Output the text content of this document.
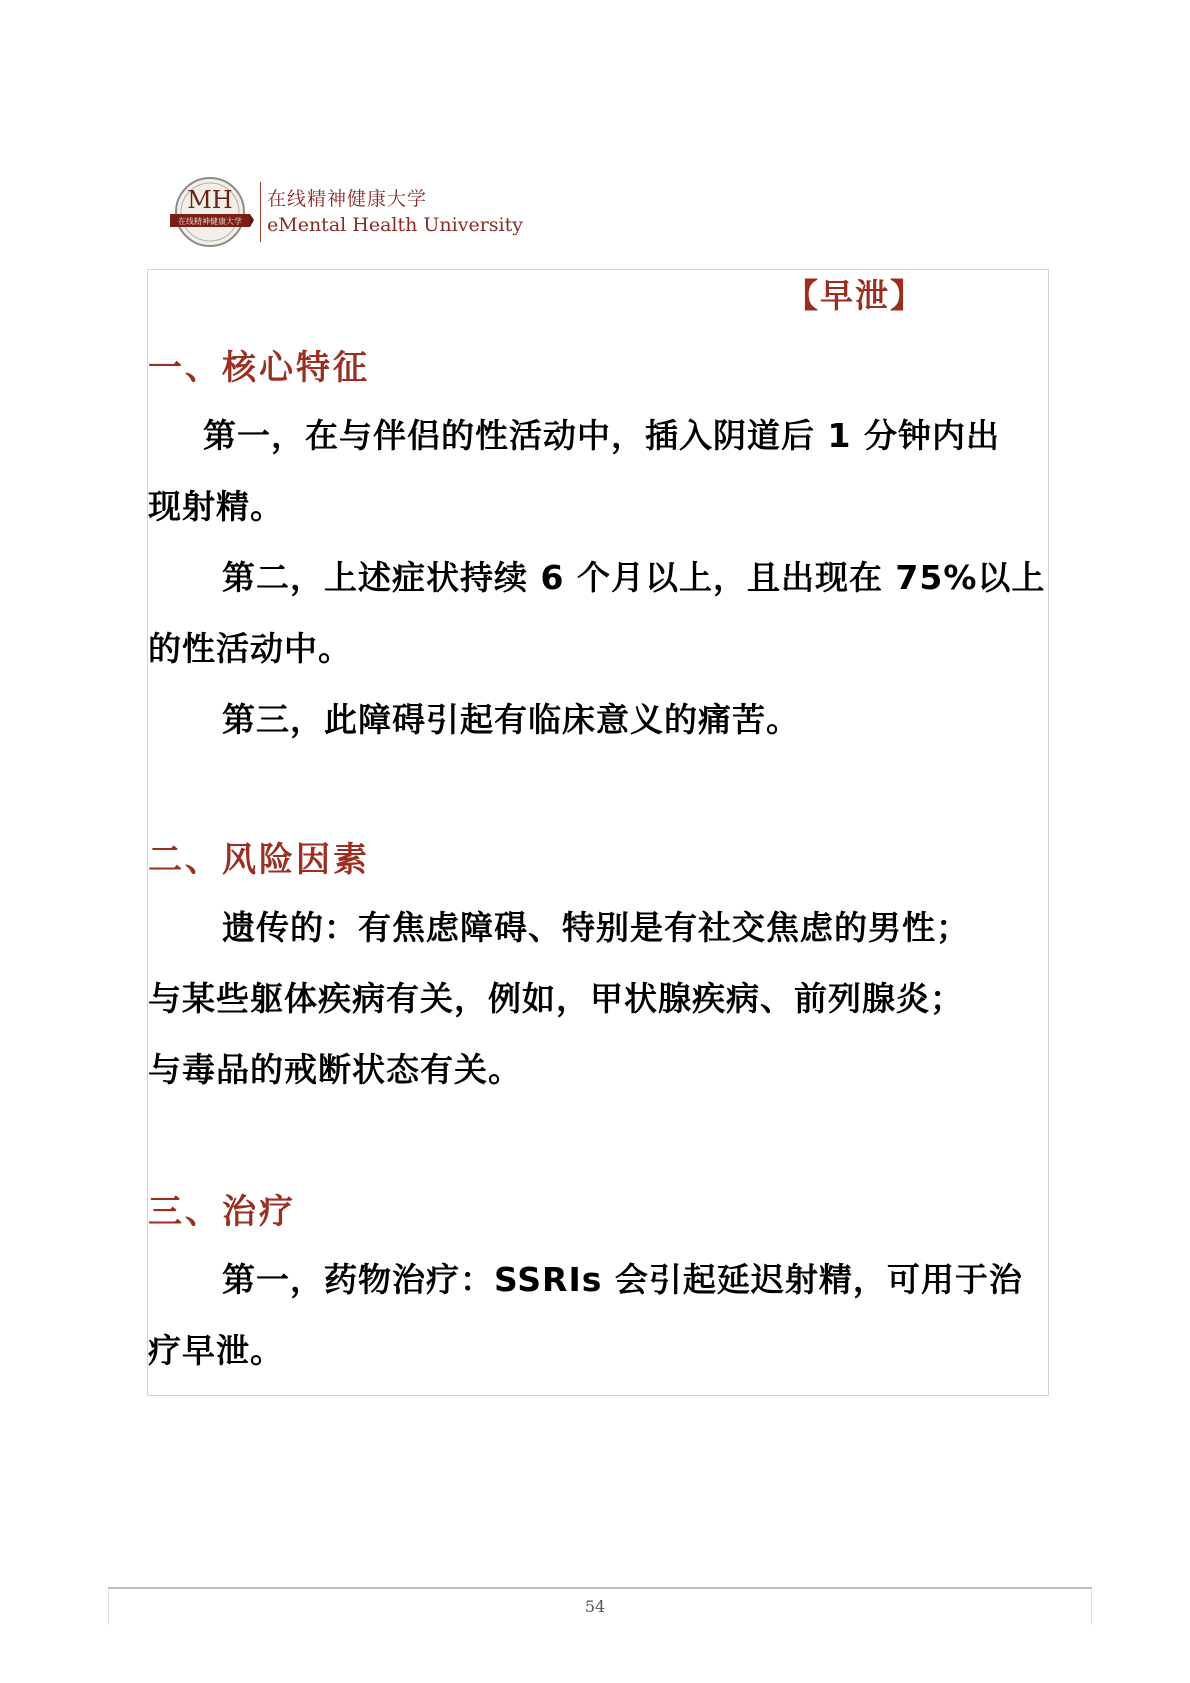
MH
在线精神健康大学
在线精神健康大学
eMental Health University
【早泄】
一、核心特征
第一，在与伴侣的性活动中，插入阴道后 1 分钟内出
现射精。
第二，上述症状持续 6 个月以上，且出现在 75%以上
的性活动中。
第三，此障碍引起有临床意义的痛苦。
二、风险因素
遗传的：有焦虑障碍、特别是有社交焦虑的男性；
与某些躯体疾病有关，例如，甲状腺疾病、前列腺炎；
与毒品的戒断状态有关。
三、治疗
第一，药物治疗：SSRIs 会引起延迟射精，可用于治
疗早泄。
54
